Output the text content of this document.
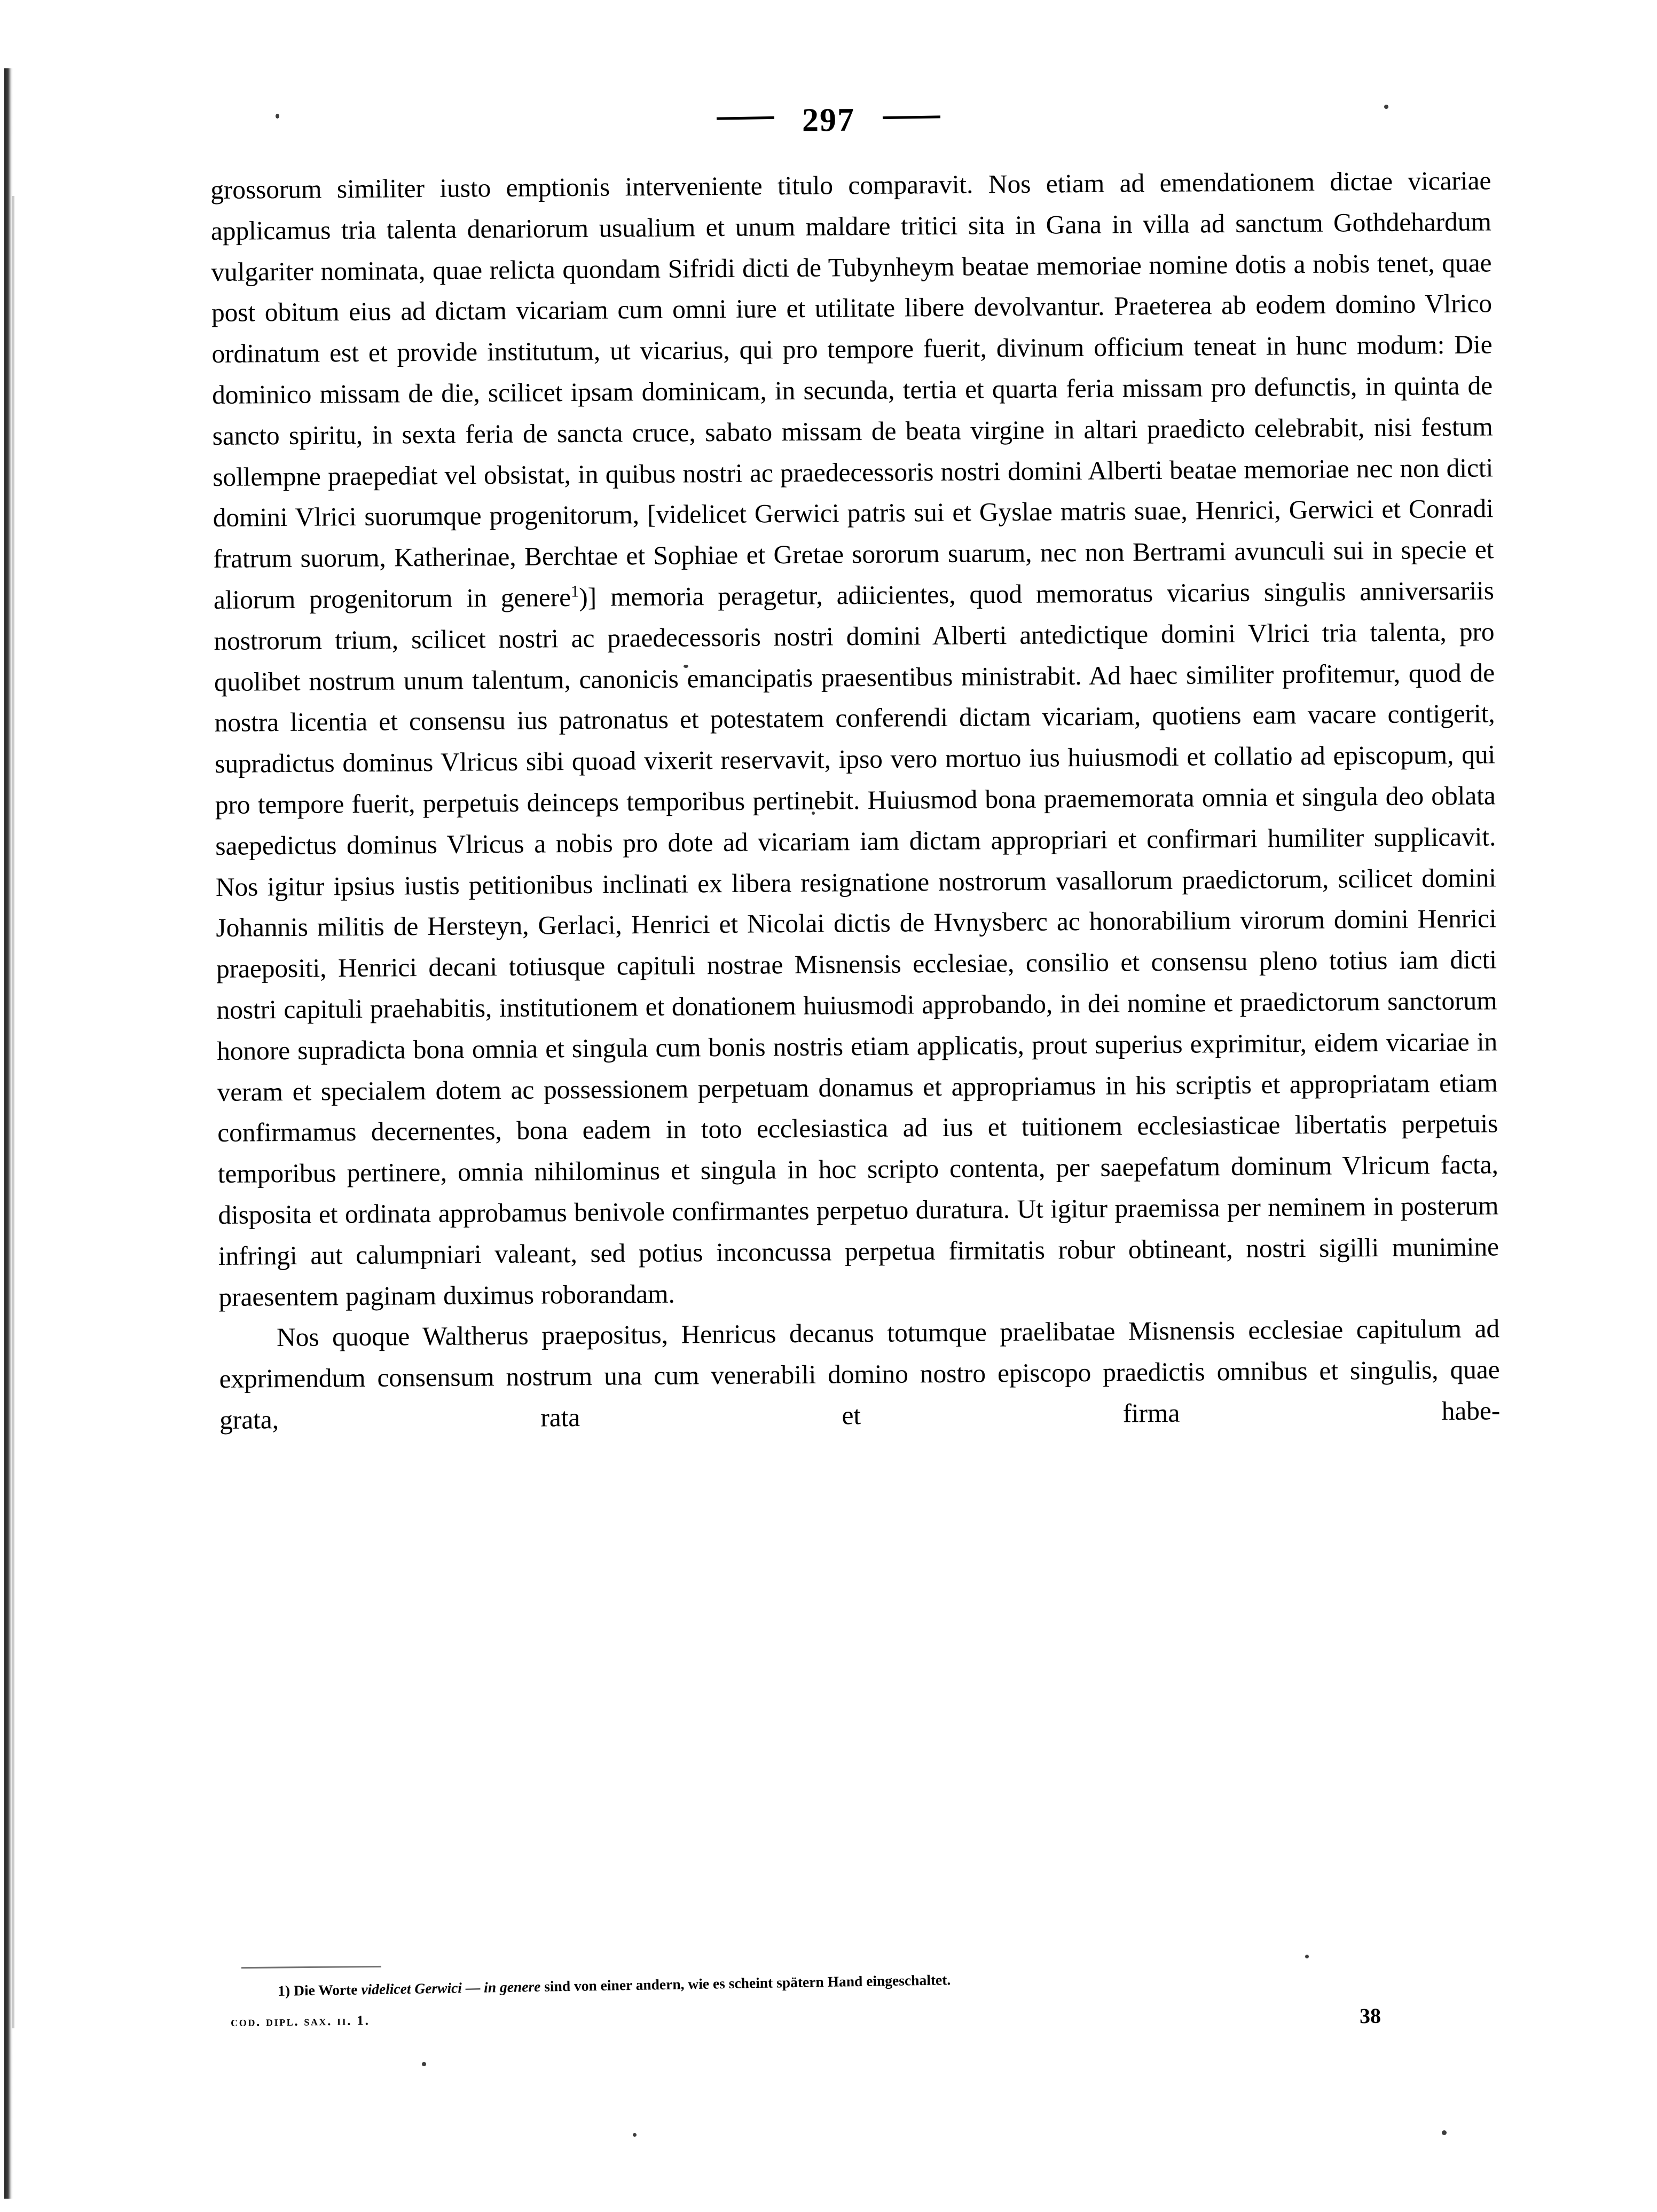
297

grossorum similiter iusto emptionis interveniente titulo comparavit. Nos etiam ad emendationem dictae vicariae applicamus tria talenta denariorum usualium et unum maldare tritici sita in Gana in villa ad sanctum Gothdehardum vulgariter nominata, quae relicta quondam Sifridi dicti de Tubynheym beatae memoriae nomine dotis a nobis tenet, quae post obitum eius ad dictam vicariam cum omni iure et utilitate libere devolvantur. Praeterea ab eodem domino Vlrico ordinatum est et provide institutum, ut vicarius, qui pro tempore fuerit, divinum officium teneat in hunc modum: Die dominico missam de die, scilicet ipsam dominicam, in secunda, tertia et quarta feria missam pro defunctis, in quinta de sancto spiritu, in sexta feria de sancta cruce, sabato missam de beata virgine in altari praedicto celebrabit, nisi festum sollempne praepediat vel obsistat, in quibus nostri ac praedecessoris nostri domini Alberti beatae memoriae nec non dicti domini Vlrici suorumque progenitorum, [videlicet Gerwici patris sui et Gyslae matris suae, Henrici, Gerwici et Conradi fratrum suorum, Katherinae, Berchtae et Sophiae et Gretae sororum suarum, nec non Bertrami avunculi sui in specie et aliorum progenitorum in genere$^1$)] memoria peragetur, adiicientes, quod memoratus vicarius singulis anniversariis nostrorum trium, scilicet nostri ac praedecessoris nostri domini Alberti antedictique domini Vlrici tria talenta, pro quolibet nostrum unum talentum, canonicis emancipatis praesentibus ministrabit. Ad haec similiter profitemur, quod de nostra licentia et consensu ius patronatus et potestatem conferendi dictam vicariam, quotiens eam vacare contigerit, supradictus dominus Vlricus sibi quoad vixerit reservavit, ipso vero mortuo ius huiusmodi et collatio ad episcopum, qui pro tempore fuerit, perpetuis deinceps temporibus pertinebit. Huiusmod bona praememorata omnia et singula deo oblata saepedictus dominus Vlricus a nobis pro dote ad vicariam iam dictam appropriari et confirmari humiliter supplicavit. Nos igitur ipsius iustis petitionibus inclinati ex libera resignatione nostrorum vasallorum praedictorum, scilicet domini Johannis militis de Hersteyn, Gerlaci, Henrici et Nicolai dictis de Hvnysberc ac honorabilium virorum domini Henrici praepositi, Henrici decani totiusque capituli nostrae Misnensis ecclesiae, consilio et consensu pleno totius iam dicti nostri capituli praehabitis, institutionem et donationem huiusmodi approbando, in dei nomine et praedictorum sanctorum honore supradicta bona omnia et singula cum bonis nostris etiam applicatis, prout superius exprimitur, eidem vicariae in veram et specialem dotem ac possessionem perpetuam donamus et appropriamus in his scriptis et appropriatam etiam confirmamus decernentes, bona eadem in toto ecclesiastica ad ius et tuitionem ecclesiasticae libertatis perpetuis temporibus pertinere, omnia nihilominus et singula in hoc scripto contenta, per saepefatum dominum Vlricum facta, disposita et ordinata approbamus benivole confirmantes perpetuo duratura. Ut igitur praemissa per neminem in posterum infringi aut calumpniari valeant, sed potius inconcussa perpetua firmitatis robur obtineant, nostri sigilli munimine praesentem paginam duximus roborandam.

Nos quoque Waltherus praepositus, Henricus decanus totumque praelibatae Misnensis ecclesiae capitulum ad exprimendum consensum nostrum una cum venerabili domino nostro episcopo praedictis omnibus et singulis, quae grata, rata et firma habe-

1) Die Worte videlicet Gerwici — in genere sind von einer andern, wie es scheint spätern Hand eingeschaltet.
cod. dipl. sax. ii. 1.	38
